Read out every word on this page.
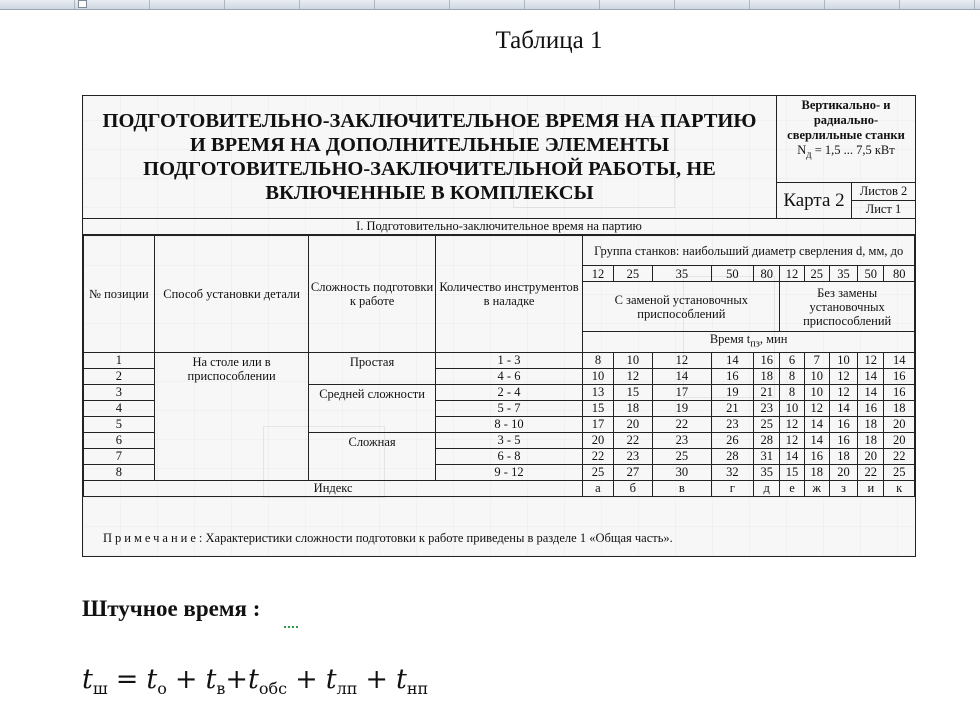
Таблица 1
ПОДГОТОВИТЕЛЬНО-ЗАКЛЮЧИТЕЛЬНОЕ ВРЕМЯ НА ПАРТИЮ
И ВРЕМЯ НА ДОПОЛНИТЕЛЬНЫЕ ЭЛЕМЕНТЫ
ПОДГОТОВИТЕЛЬНО-ЗАКЛЮЧИТЕЛЬНОЙ РАБОТЫ, НЕ
ВКЛЮЧЕННЫЕ В КОМПЛЕКСЫ
Вертикально- и радиально-сверлильные станки
$N_д = 1,5$ ... 7,5 кВт
Карта 2	Листов 2
Лист 1
I. Подготовительно-заключительное время на партию
№ позиции	Способ установки детали	Сложность подготовки к работе	Количество инструментов в наладке	Группа станков: наибольший диаметр сверления d, мм, до									
				12	25	35	50	80	12	25	35	50	80
				С заменой установочных приспособлений					Без замены установочных приспособлений				
				Время $t_{пз}$, мин									
1	На столе или в приспособлении	Простая	1 - 3	8	10	12	14	16	6	7	10	12	14
2			4 - 6	10	12	14	16	18	8	10	12	14	16
3		Средней сложности	2 - 4	13	15	17	19	21	8	10	12	14	16
4			5 - 7	15	18	19	21	23	10	12	14	16	18
5			8 - 10	17	20	22	23	25	12	14	16	18	20
6		Сложная	3 - 5	20	22	23	26	28	12	14	16	18	20
7			6 - 8	22	23	25	28	31	14	16	18	20	22
8			9 - 12	25	27	30	32	35	15	18	20	22	25
Индекс				а	б	в	г	д	е	ж	з	и	к
Примечание: Характеристики сложности подготовки к работе приведены в разделе 1 «Общая часть».
Штучное время :
$t_ш = t_о + t_в+t_{обс} + t_{лп} + t_{нп}$
